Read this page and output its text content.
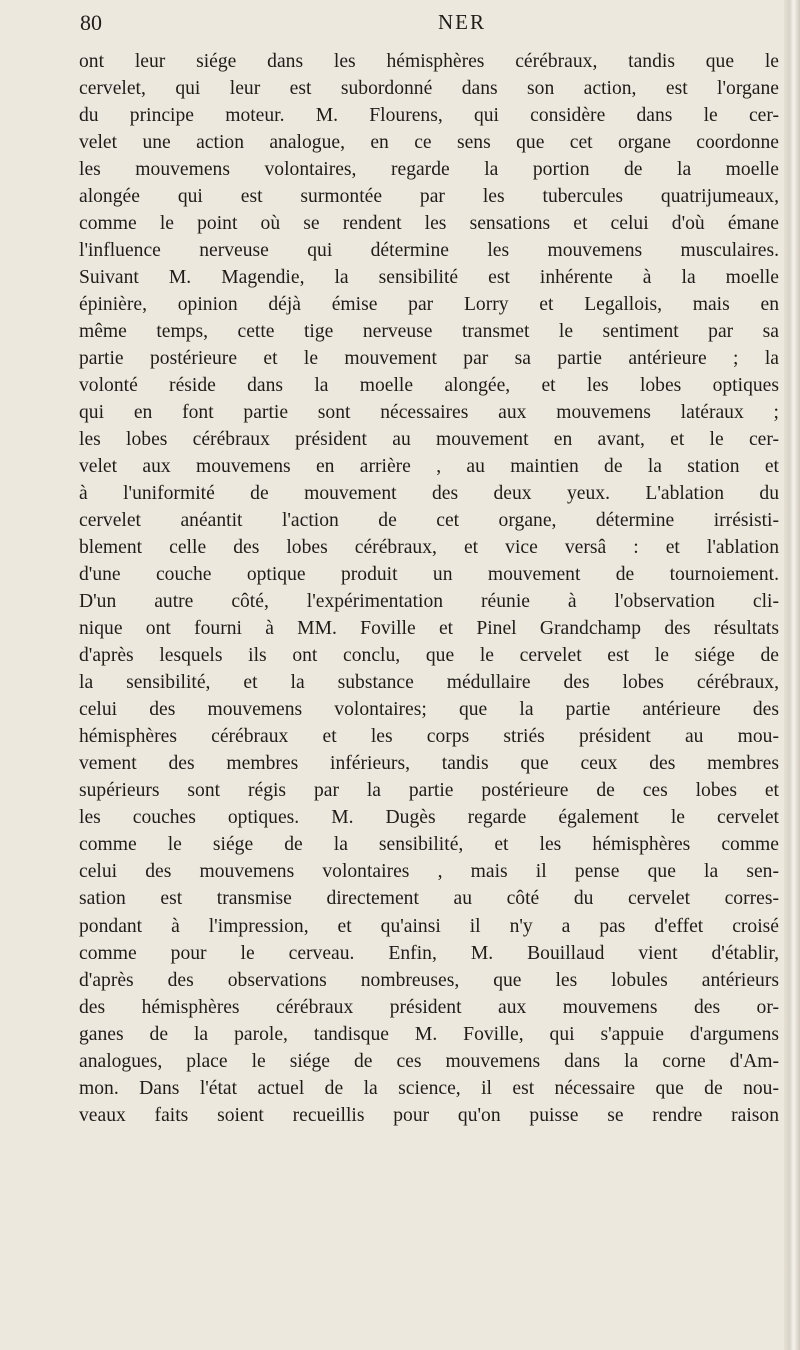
80	NER
ont leur siége dans les hémisphères cérébraux, tandis que le
cervelet, qui leur est subordonné dans son action, est l'organe
du principe moteur. M. Flourens, qui considère dans le cer-
velet une action analogue, en ce sens que cet organe coordonne
les mouvemens volontaires, regarde la portion de la moelle
alongée qui est surmontée par les tubercules quatrijumeaux,
comme le point où se rendent les sensations et celui d'où émane
l'influence nerveuse qui détermine les mouvemens musculaires.
Suivant M. Magendie, la sensibilité est inhérente à la moelle
épinière, opinion déjà émise par Lorry et Legallois, mais en
même temps, cette tige nerveuse transmet le sentiment par sa
partie postérieure et le mouvement par sa partie antérieure ; la
volonté réside dans la moelle alongée, et les lobes optiques
qui en font partie sont nécessaires aux mouvemens latéraux ;
les lobes cérébraux président au mouvement en avant, et le cer-
velet aux mouvemens en arrière , au maintien de la station et
à l'uniformité de mouvement des deux yeux. L'ablation du
cervelet anéantit l'action de cet organe, détermine irrésisti-
blement celle des lobes cérébraux, et vice versâ : et l'ablation
d'une couche optique produit un mouvement de tournoiement.
D'un autre côté, l'expérimentation réunie à l'observation cli-
nique ont fourni à MM. Foville et Pinel Grandchamp des résultats
d'après lesquels ils ont conclu, que le cervelet est le siége de
la sensibilité, et la substance médullaire des lobes cérébraux,
celui des mouvemens volontaires; que la partie antérieure des
hémisphères cérébraux et les corps striés président au mou-
vement des membres inférieurs, tandis que ceux des membres
supérieurs sont régis par la partie postérieure de ces lobes et
les couches optiques. M. Dugès regarde également le cervelet
comme le siége de la sensibilité, et les hémisphères comme
celui des mouvemens volontaires , mais il pense que la sen-
sation est transmise directement au côté du cervelet corres-
pondant à l'impression, et qu'ainsi il n'y a pas d'effet croisé
comme pour le cerveau. Enfin, M. Bouillaud vient d'établir,
d'après des observations nombreuses, que les lobules antérieurs
des hémisphères cérébraux président aux mouvemens des or-
ganes de la parole, tandisque M. Foville, qui s'appuie d'argumens
analogues, place le siége de ces mouvemens dans la corne d'Am-
mon. Dans l'état actuel de la science, il est nécessaire que de nou-
veaux faits soient recueillis pour qu'on puisse se rendre raison
